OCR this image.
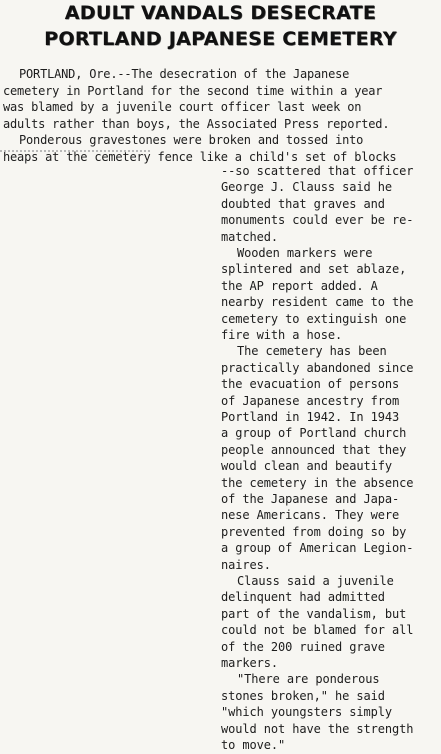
ADULT VANDALS DESECRATE
PORTLAND JAPANESE CEMETERY
PORTLAND, Ore.--The desecration of the Japanese
cemetery in Portland for the second time within a year
was blamed by a juvenile court officer last week on
adults rather than boys, the Associated Press reported.
Ponderous gravestones were broken and tossed into
heaps at the cemetery fence like a child's set of blocks
--so scattered that officer
George J. Clauss said he
doubted that graves and
monuments could ever be re-
matched.
Wooden markers were
splintered and set ablaze,
the AP report added. A
nearby resident came to the
cemetery to extinguish one
fire with a hose.
The cemetery has been
practically abandoned since
the evacuation of persons
of Japanese ancestry from
Portland in 1942. In 1943
a group of Portland church
people announced that they
would clean and beautify
the cemetery in the absence
of the Japanese and Japa-
nese Americans. They were
prevented from doing so by
a group of American Legion-
naires.
Clauss said a juvenile
delinquent had admitted
part of the vandalism, but
could not be blamed for all
of the 200 ruined grave
markers.
"There are ponderous
stones broken," he said
"which youngsters simply
would not have the strength
to move."
